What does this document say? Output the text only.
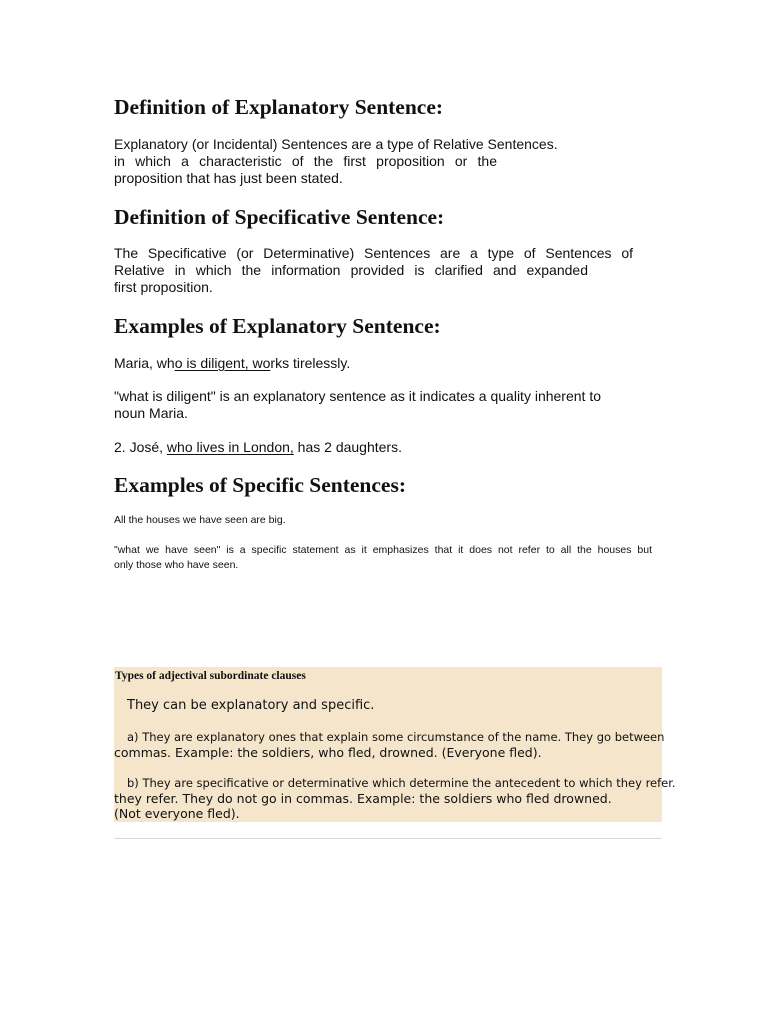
Definition of Explanatory Sentence:
Explanatory (or Incidental) Sentences are a type of Relative Sentences.
in which a characteristic of the first proposition or the
proposition that has just been stated.
Definition of Specificative Sentence:
The Specificative (or Determinative) Sentences are a type of Sentences of
Relative in which the information provided is clarified and expanded
first proposition.
Examples of Explanatory Sentence:
Maria, who is diligent, works tirelessly.
"what is diligent" is an explanatory sentence as it indicates a quality inherent to
noun Maria.
2. José, who lives in London, has 2 daughters.
Examples of Specific Sentences:
All the houses we have seen are big.
"what we have seen" is a specific statement as it emphasizes that it does not refer to all the houses but
only those who have seen.
Types of adjectival subordinate clauses
They can be explanatory and specific.
a) They are explanatory ones that explain some circumstance of the name. They go between
commas. Example: the soldiers, who fled, drowned. (Everyone fled).
b) They are specificative or determinative which determine the antecedent to which they refer.
they refer. They do not go in commas. Example: the soldiers who fled drowned.
(Not everyone fled).
